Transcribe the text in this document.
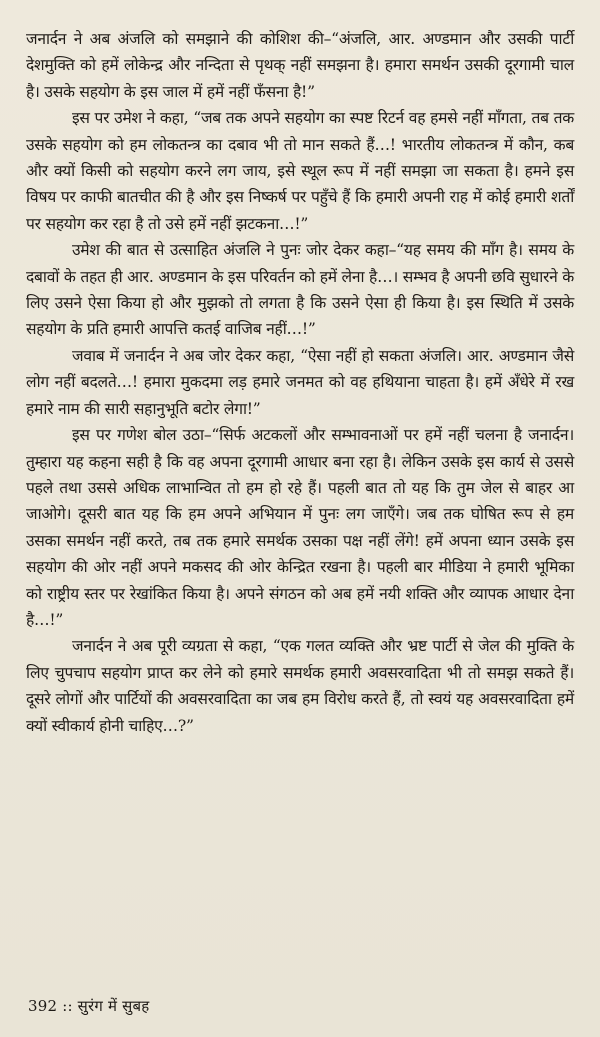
जनार्दन ने अब अंजलि को समझाने की कोशिश की–“अंजलि, आर. अण्डमान और उसकी पार्टी देशमुक्ति को हमें लोकेन्द्र और नन्दिता से पृथक् नहीं समझना है। हमारा समर्थन उसकी दूरगामी चाल है। उसके सहयोग के इस जाल में हमें नहीं फँसना है!”

इस पर उमेश ने कहा, “जब तक अपने सहयोग का स्पष्ट रिटर्न वह हमसे नहीं माँगता, तब तक उसके सहयोग को हम लोकतन्त्र का दबाव भी तो मान सकते हैं…! भारतीय लोकतन्त्र में कौन, कब और क्यों किसी को सहयोग करने लग जाय, इसे स्थूल रूप में नहीं समझा जा सकता है। हमने इस विषय पर काफी बातचीत की है और इस निष्कर्ष पर पहुँचे हैं कि हमारी अपनी राह में कोई हमारी शर्तों पर सहयोग कर रहा है तो उसे हमें नहीं झटकना…!”

उमेश की बात से उत्साहित अंजलि ने पुनः जोर देकर कहा–“यह समय की माँग है। समय के दबावों के तहत ही आर. अण्डमान के इस परिवर्तन को हमें लेना है…। सम्भव है अपनी छवि सुधारने के लिए उसने ऐसा किया हो और मुझको तो लगता है कि उसने ऐसा ही किया है। इस स्थिति में उसके सहयोग के प्रति हमारी आपत्ति कतई वाजिब नहीं…!”

जवाब में जनार्दन ने अब जोर देकर कहा, “ऐसा नहीं हो सकता अंजलि। आर. अण्डमान जैसे लोग नहीं बदलते…! हमारा मुकदमा लड़ हमारे जनमत को वह हथियाना चाहता है। हमें अँधेरे में रख हमारे नाम की सारी सहानुभूति बटोर लेगा!”

इस पर गणेश बोल उठा–“सिर्फ अटकलों और सम्भावनाओं पर हमें नहीं चलना है जनार्दन। तुम्हारा यह कहना सही है कि वह अपना दूरगामी आधार बना रहा है। लेकिन उसके इस कार्य से उससे पहले तथा उससे अधिक लाभान्वित तो हम हो रहे हैं। पहली बात तो यह कि तुम जेल से बाहर आ जाओगे। दूसरी बात यह कि हम अपने अभियान में पुनः लग जाएँगे। जब तक घोषित रूप से हम उसका समर्थन नहीं करते, तब तक हमारे समर्थक उसका पक्ष नहीं लेंगे! हमें अपना ध्यान उसके इस सहयोग की ओर नहीं अपने मकसद की ओर केन्द्रित रखना है। पहली बार मीडिया ने हमारी भूमिका को राष्ट्रीय स्तर पर रेखांकित किया है। अपने संगठन को अब हमें नयी शक्ति और व्यापक आधार देना है…!”

जनार्दन ने अब पूरी व्यग्रता से कहा, “एक गलत व्यक्ति और भ्रष्ट पार्टी से जेल की मुक्ति के लिए चुपचाप सहयोग प्राप्त कर लेने को हमारे समर्थक हमारी अवसरवादिता भी तो समझ सकते हैं। दूसरे लोगों और पार्टियों की अवसरवादिता का जब हम विरोध करते हैं, तो स्वयं यह अवसरवादिता हमें क्यों स्वीकार्य होनी चाहिए…?”

392 :: सुरंग में सुबह
